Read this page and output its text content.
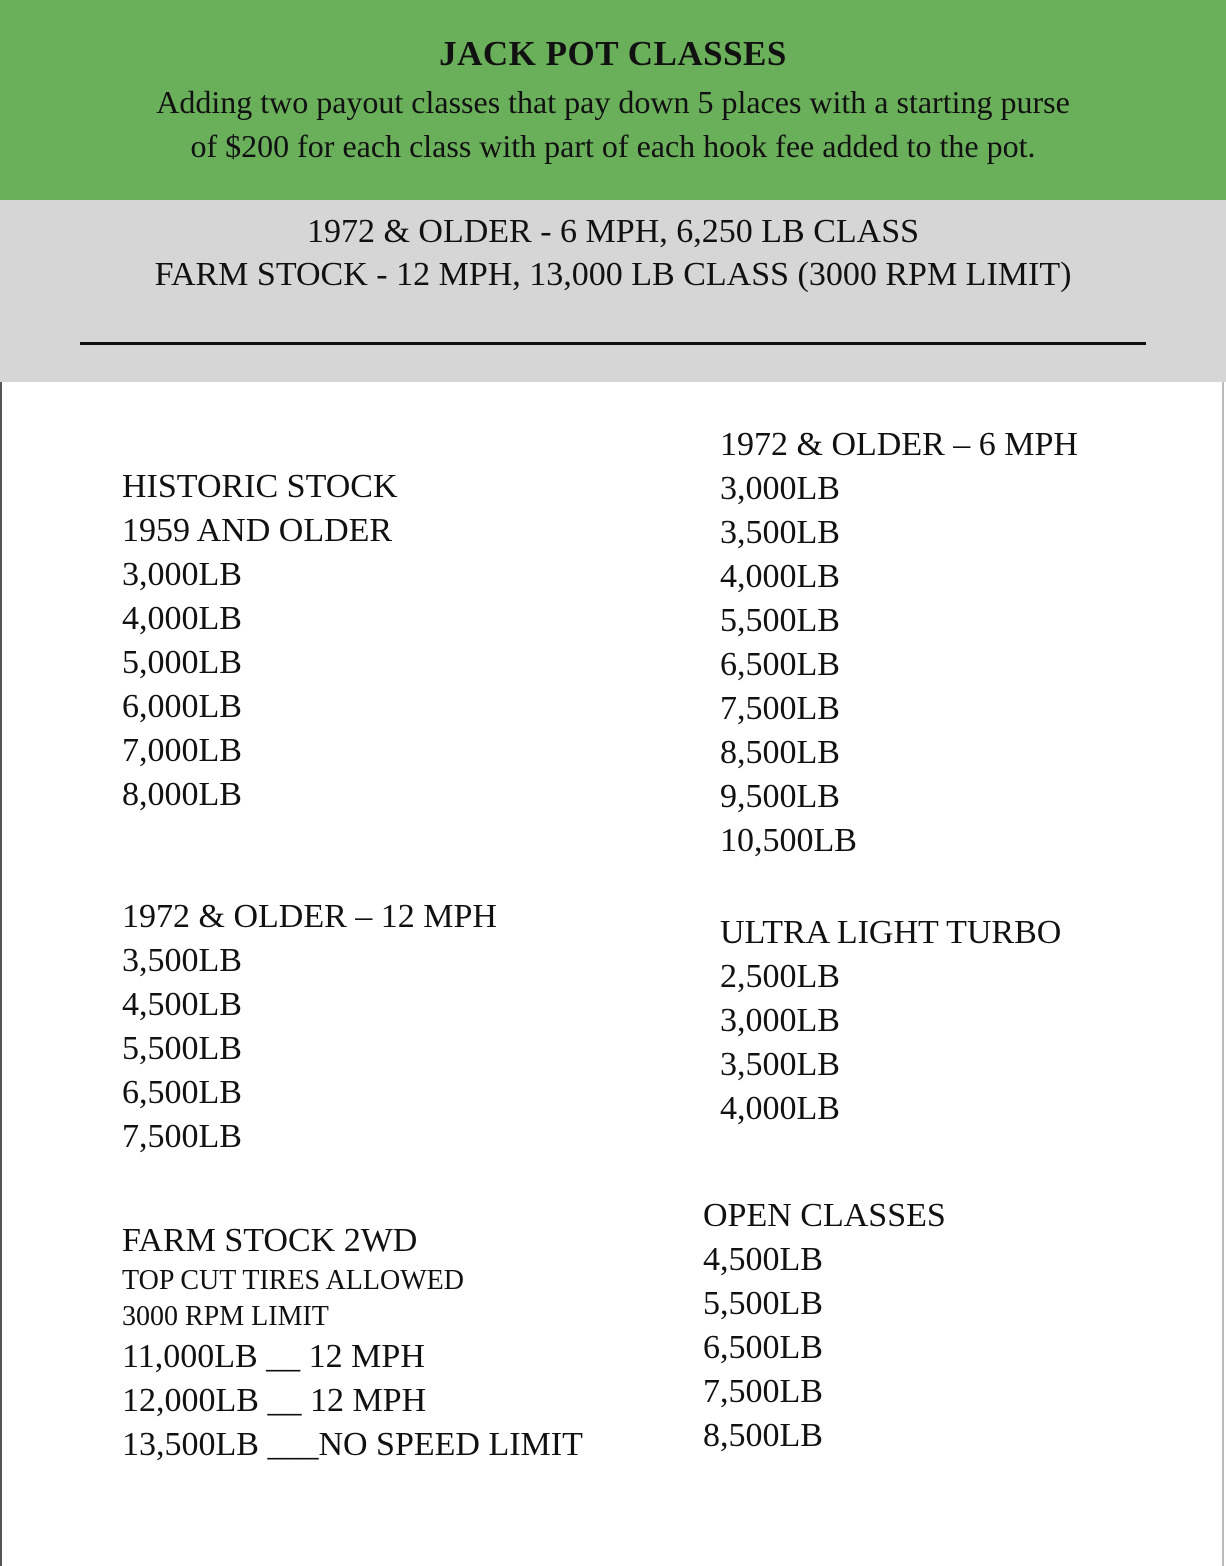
JACK POT CLASSES
Adding two payout classes that pay down 5 places with a starting purse
of $200 for each class with part of each hook fee added to the pot.
1972 & OLDER - 6 MPH, 6,250 LB CLASS
FARM STOCK - 12 MPH, 13,000 LB CLASS (3000 RPM LIMIT)
HISTORIC STOCK
1959 AND OLDER
3,000LB
4,000LB
5,000LB
6,000LB
7,000LB
8,000LB
1972 & OLDER – 12 MPH
3,500LB
4,500LB
5,500LB
6,500LB
7,500LB
FARM STOCK 2WD
TOP CUT TIRES ALLOWED
3000 RPM LIMIT
11,000LB __ 12 MPH
12,000LB __ 12 MPH
13,500LB ___NO SPEED LIMIT
1972 & OLDER – 6 MPH
3,000LB
3,500LB
4,000LB
5,500LB
6,500LB
7,500LB
8,500LB
9,500LB
10,500LB
ULTRA LIGHT TURBO
2,500LB
3,000LB
3,500LB
4,000LB
OPEN CLASSES
4,500LB
5,500LB
6,500LB
7,500LB
8,500LB
